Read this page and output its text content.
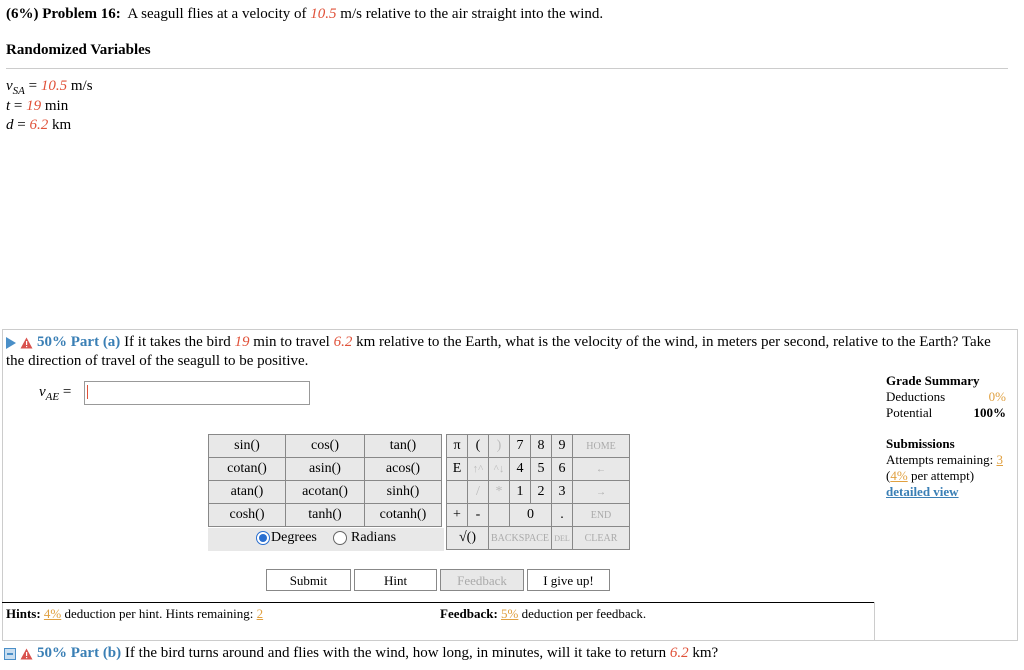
(6%) Problem 16: A seagull flies at a velocity of 10.5 m/s relative to the air straight into the wind.
Randomized Variables
$v_{SA} = 10.5$ m/s
t = 19 min
d = 6.2 km
50% Part (a) If it takes the bird 19 min to travel 6.2 km relative to the Earth, what is the velocity of the wind, in meters per second, relative to the Earth? Take the direction of travel of the seagull to be positive.
$v_{AE}$ =
sin()	cos()	tan()
cotan()	asin()	acos()
atan()	acotan()	sinh()
cosh()	tanh()	cotanh()
Degrees Radians
π	(	)	7	8	9	HOME
E	↑^	^↓	4	5	6	←
	/	*	1	2	3	→
+	-		0		.	END
√()		BACKSPACE			DEL	CLEAR
Submit	Hint	Feedback	I give up!
Hints: 4% deduction per hint. Hints remaining: 2	Feedback: 5% deduction per feedback.
Grade Summary
Deductions	0%
Potential	100%
Submissions
Attempts remaining: 3
(4% per attempt)
detailed view
50% Part (b) If the bird turns around and flies with the wind, how long, in minutes, will it take to return 6.2 km?
